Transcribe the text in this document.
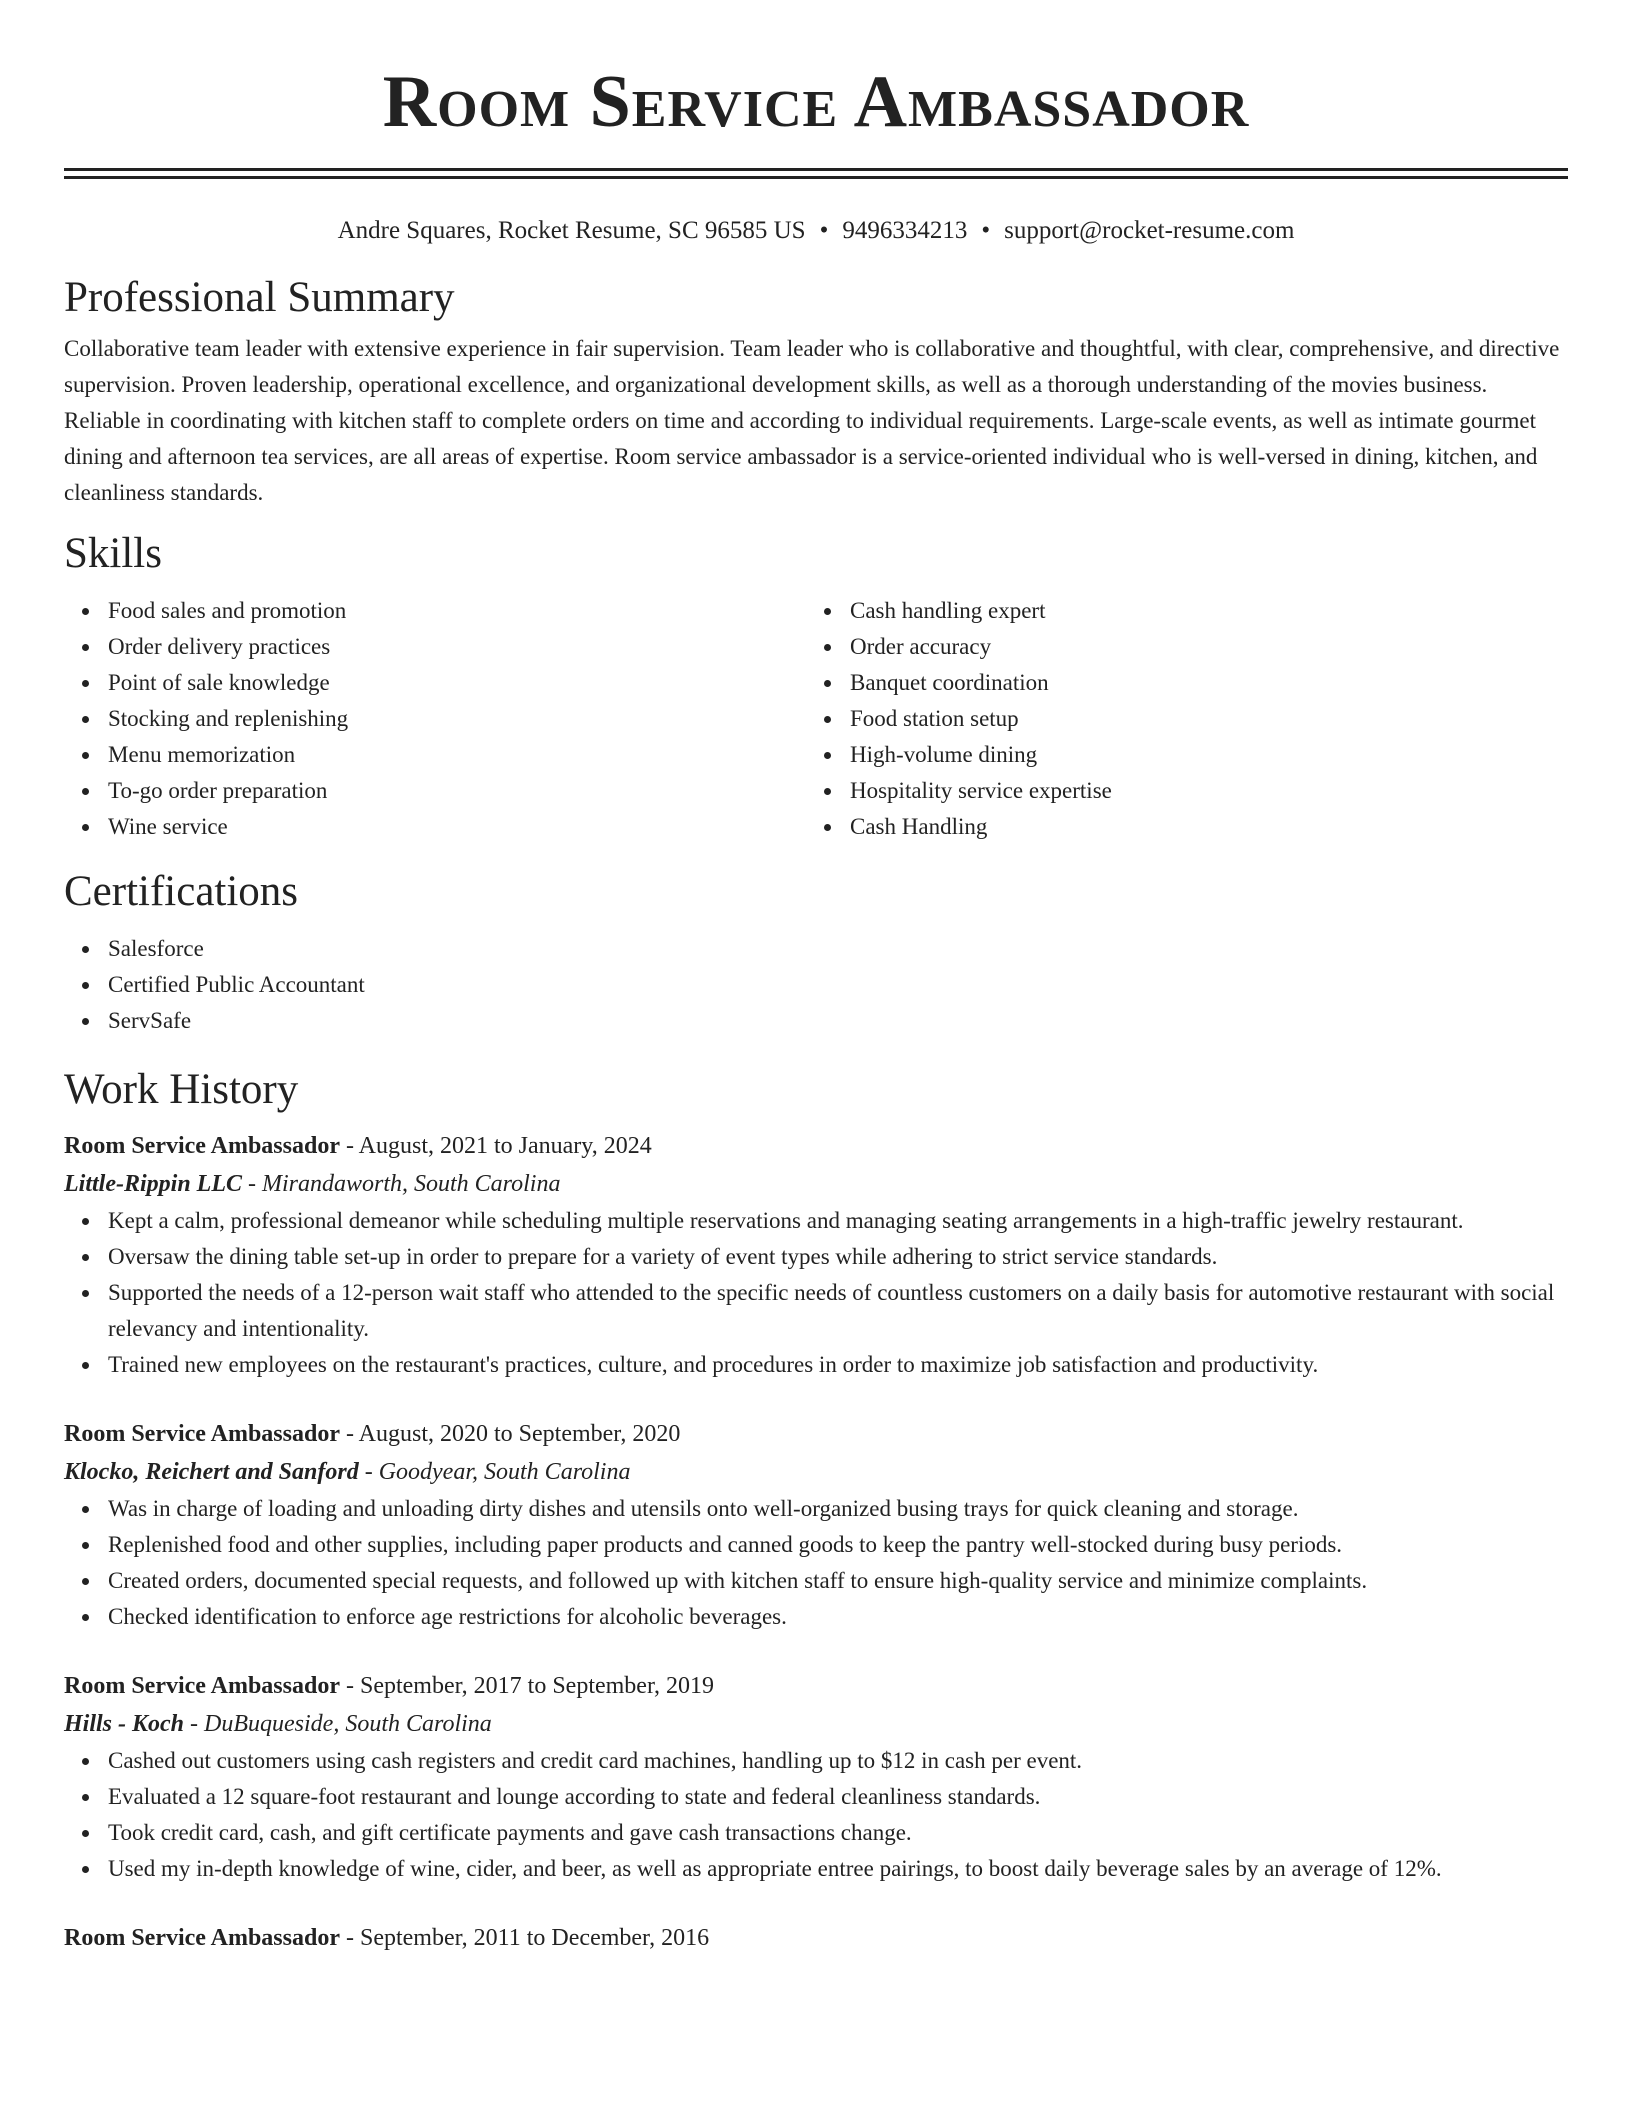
Room Service Ambassador
Andre Squares, Rocket Resume, SC 96585 US • 9496334213 • support@rocket-resume.com
Professional Summary

Collaborative team leader with extensive experience in fair supervision. Team leader who is collaborative and thoughtful, with clear, comprehensive, and directive supervision. Proven leadership, operational excellence, and organizational development skills, as well as a thorough understanding of the movies business. Reliable in coordinating with kitchen staff to complete orders on time and according to individual requirements. Large-scale events, as well as intimate gourmet dining and afternoon tea services, are all areas of expertise. Room service ambassador is a service-oriented individual who is well-versed in dining, kitchen, and cleanliness standards.

Skills
Food sales and promotion
Order delivery practices
Point of sale knowledge
Stocking and replenishing
Menu memorization
To-go order preparation
Wine service
Cash handling expert
Order accuracy
Banquet coordination
Food station setup
High-volume dining
Hospitality service expertise
Cash Handling
Certifications
Salesforce
Certified Public Accountant
ServSafe
Work History
Room Service Ambassador - August, 2021 to January, 2024
Little-Rippin LLC - Mirandaworth, South Carolina
Kept a calm, professional demeanor while scheduling multiple reservations and managing seating arrangements in a high-traffic jewelry restaurant.
Oversaw the dining table set-up in order to prepare for a variety of event types while adhering to strict service standards.
Supported the needs of a 12-person wait staff who attended to the specific needs of countless customers on a daily basis for automotive restaurant with social relevancy and intentionality.
Trained new employees on the restaurant's practices, culture, and procedures in order to maximize job satisfaction and productivity.
Room Service Ambassador - August, 2020 to September, 2020
Klocko, Reichert and Sanford - Goodyear, South Carolina
Was in charge of loading and unloading dirty dishes and utensils onto well-organized busing trays for quick cleaning and storage.
Replenished food and other supplies, including paper products and canned goods to keep the pantry well-stocked during busy periods.
Created orders, documented special requests, and followed up with kitchen staff to ensure high-quality service and minimize complaints.
Checked identification to enforce age restrictions for alcoholic beverages.
Room Service Ambassador - September, 2017 to September, 2019
Hills - Koch - DuBuqueside, South Carolina
Cashed out customers using cash registers and credit card machines, handling up to $12 in cash per event.
Evaluated a 12 square-foot restaurant and lounge according to state and federal cleanliness standards.
Took credit card, cash, and gift certificate payments and gave cash transactions change.
Used my in-depth knowledge of wine, cider, and beer, as well as appropriate entree pairings, to boost daily beverage sales by an average of 12%.
Room Service Ambassador - September, 2011 to December, 2016
